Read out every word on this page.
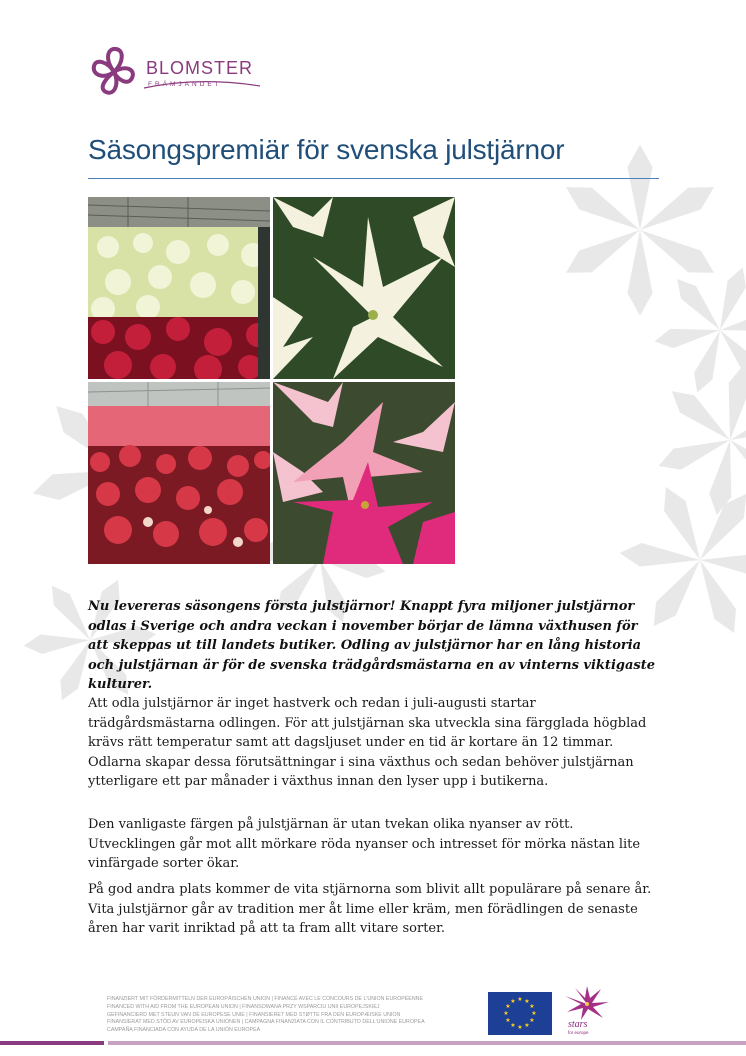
BLOMSTER
FRÄMJANDET
Säsongspremiär för svenska julstjärnor

Nu levereras säsongens första julstjärnor! Knappt fyra miljoner julstjärnor odlas i Sverige och andra veckan i november börjar de lämna växthusen för att skeppas ut till landets butiker. Odling av julstjärnor har en lång historia och julstjärnan är för de svenska trädgårdsmästarna en av vinterns viktigaste kulturer.

Att odla julstjärnor är inget hastverk och redan i juli-augusti startar trädgårdsmästarna odlingen. För att julstjärnan ska utveckla sina färgglada högblad krävs rätt temperatur samt att dagsljuset under en tid är kortare än 12 timmar. Odlarna skapar dessa förutsättningar i sina växthus och sedan behöver julstjärnan ytterligare ett par månader i växthus innan den lyser upp i butikerna.

Den vanligaste färgen på julstjärnan är utan tvekan olika nyanser av rött. Utvecklingen går mot allt mörkare röda nyanser och intresset för mörka nästan lite vinfärgade sorter ökar.

På god andra plats kommer de vita stjärnorna som blivit allt populärare på senare år. Vita julstjärnor går av tradition mer åt lime eller kräm, men förädlingen de senaste åren har varit inriktad på att ta fram allt vitare sorter.

FINANZIERT MIT FÖRDERMITTELN DER EUROPÄISCHEN UNION | FINANCÉ AVEC LE CONCOURS DE L'UNION EUROPÉENNE
FINANCED WITH AID FROM THE EUROPEAN UNION | FINANSOWANA PRZY WSPARCIU UNII EUROPEJSKIEJ
GEFINANCIERD MET STEUN VAN DE EUROPESE UNIE | FINANSIERET MED STØTTE FRA DEN EUROPÆISKE UNION
FINANSIERAT MED STÖD AV EUROPEISKA UNIONEN | CAMPAGNA FINANZIATA CON IL CONTRIBUTO DELL'UNIONE EUROPEA
CAMPAÑA FINANCIADA CON AYUDA DE LA UNIÓN EUROPEA
★ ★
★
★
★
★
★
★
★
★
★
★
stars
for europe
